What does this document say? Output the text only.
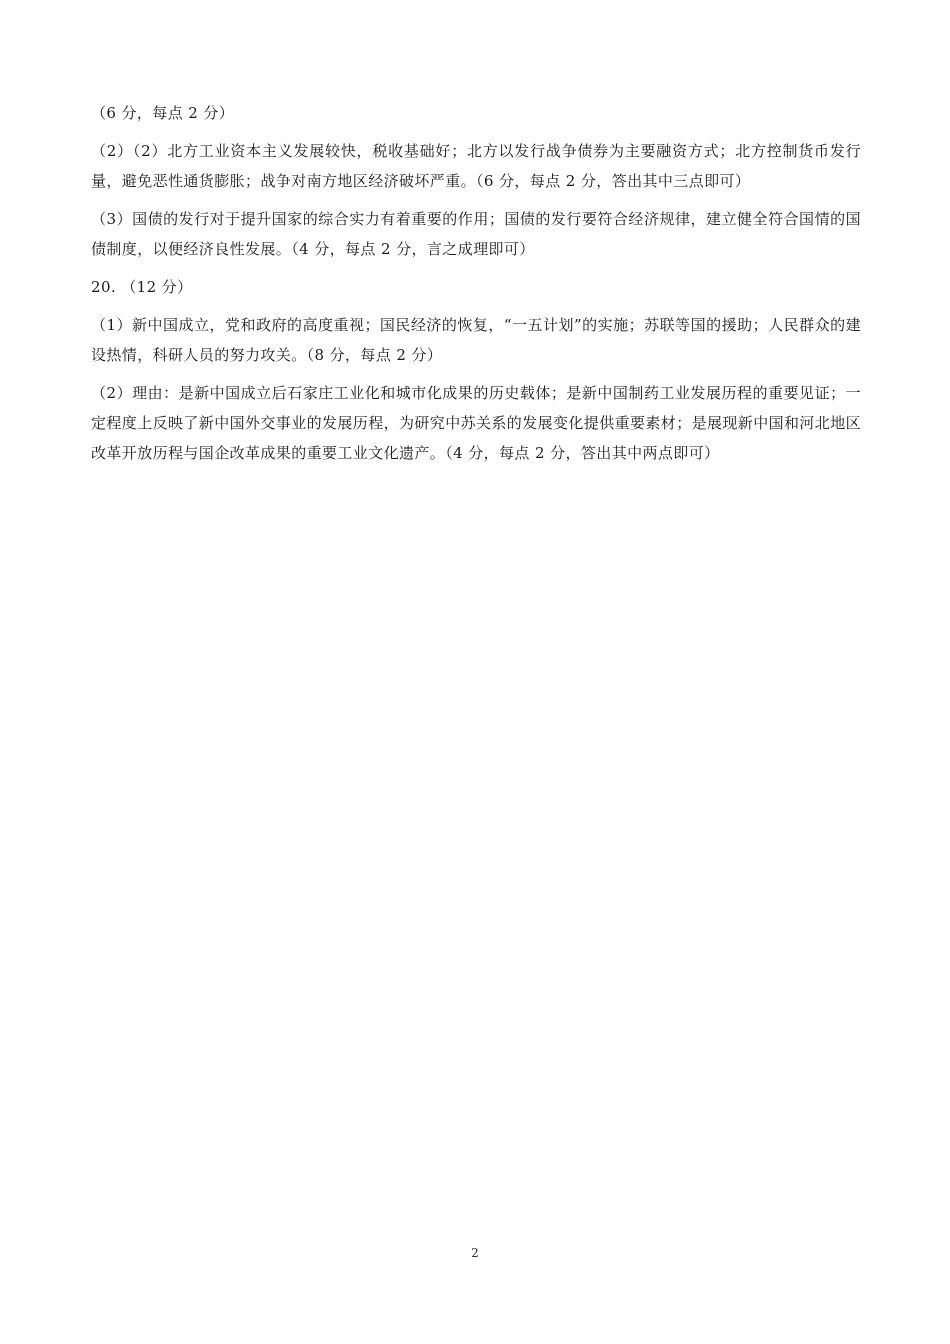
（6 分，每点 2 分）

（2）（2）北方工业资本主义发展较快，税收基础好；北方以发行战争债券为主要融资方式；北方控制货币发行量，避免恶性通货膨胀；战争对南方地区经济破坏严重。（6 分，每点 2 分，答出其中三点即可）

（3）国债的发行对于提升国家的综合实力有着重要的作用；国债的发行要符合经济规律，建立健全符合国情的国债制度，以便经济良性发展。（4 分，每点 2 分，言之成理即可）

20. （12 分）

（1）新中国成立，党和政府的高度重视；国民经济的恢复，“一五计划”的实施；苏联等国的援助；人民群众的建设热情，科研人员的努力攻关。（8 分，每点 2 分）

（2）理由：是新中国成立后石家庄工业化和城市化成果的历史载体；是新中国制药工业发展历程的重要见证；一定程度上反映了新中国外交事业的发展历程，为研究中苏关系的发展变化提供重要素材；是展现新中国和河北地区改革开放历程与国企改革成果的重要工业文化遗产。（4 分，每点 2 分，答出其中两点即可）

2
